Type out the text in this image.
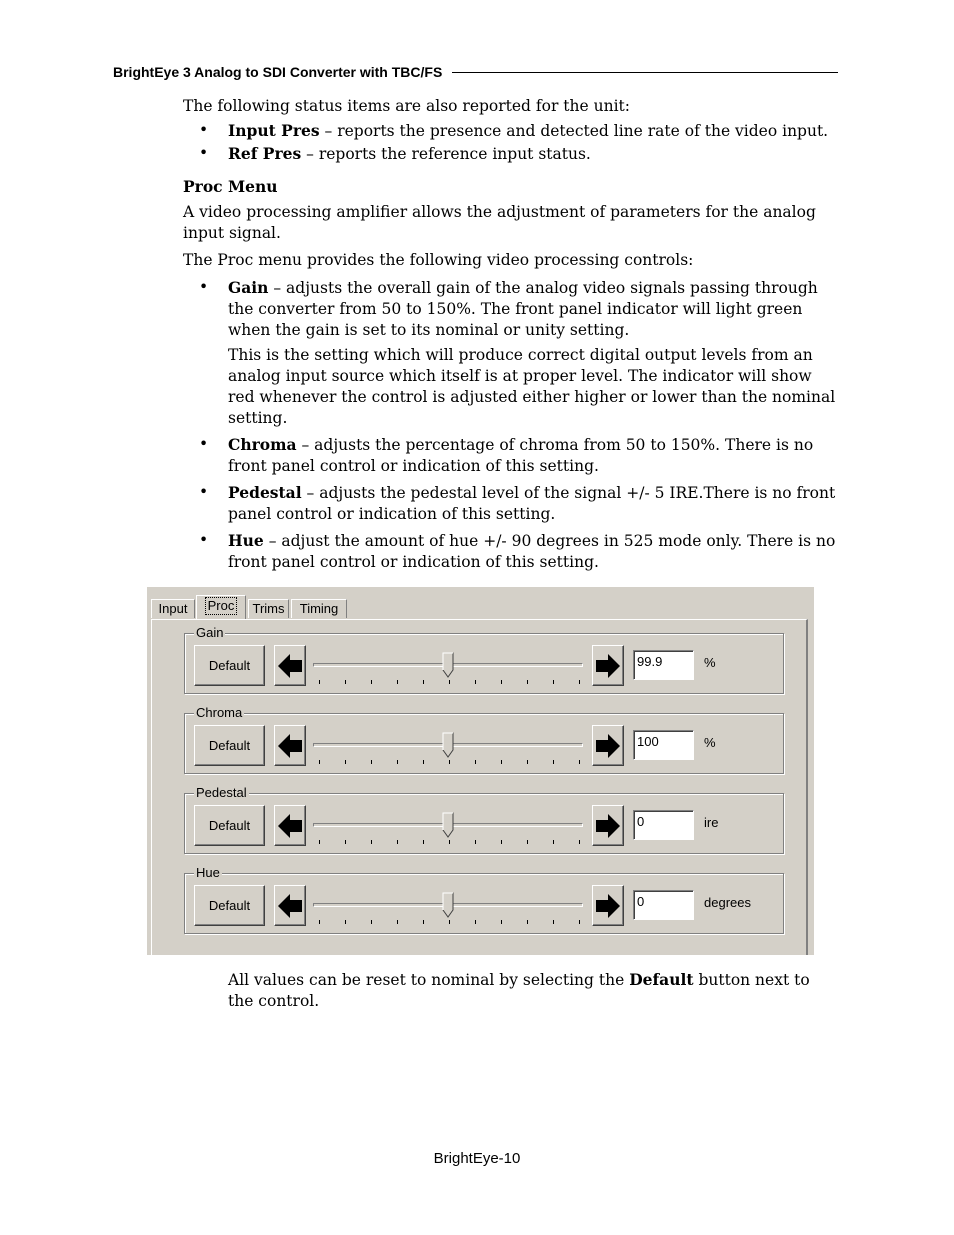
BrightEye 3 Analog to SDI Converter with TBC/FS
The following status items are also reported for the unit:
• Input Pres – reports the presence and detected line rate of the video input.
• Ref Pres – reports the reference input status.
Proc Menu
A video processing amplifier allows the adjustment of parameters for the analog input signal.
The Proc menu provides the following video processing controls:
• Gain – adjusts the overall gain of the analog video signals passing through the converter from 50 to 150%. The front panel indicator will light green when the gain is set to its nominal or unity setting.
This is the setting which will produce correct digital output levels from an analog input source which itself is at proper level. The indicator will show red whenever the control is adjusted either higher or lower than the nominal setting.
• Chroma – adjusts the percentage of chroma from 50 to 150%. There is no front panel control or indication of this setting.
• Pedestal – adjusts the pedestal level of the signal +/- 5 IRE.There is no front panel control or indication of this setting.
• Hue – adjust the amount of hue +/- 90 degrees in 525 mode only. There is no front panel control or indication of this setting.
Input	Proc	Trims	Timing
Gain
Default	99.9	%
Chroma
Default	100	%
Pedestal
Default	0	ire
Hue
Default	0	degrees
All values can be reset to nominal by selecting the Default button next to the control.
BrightEye-10
